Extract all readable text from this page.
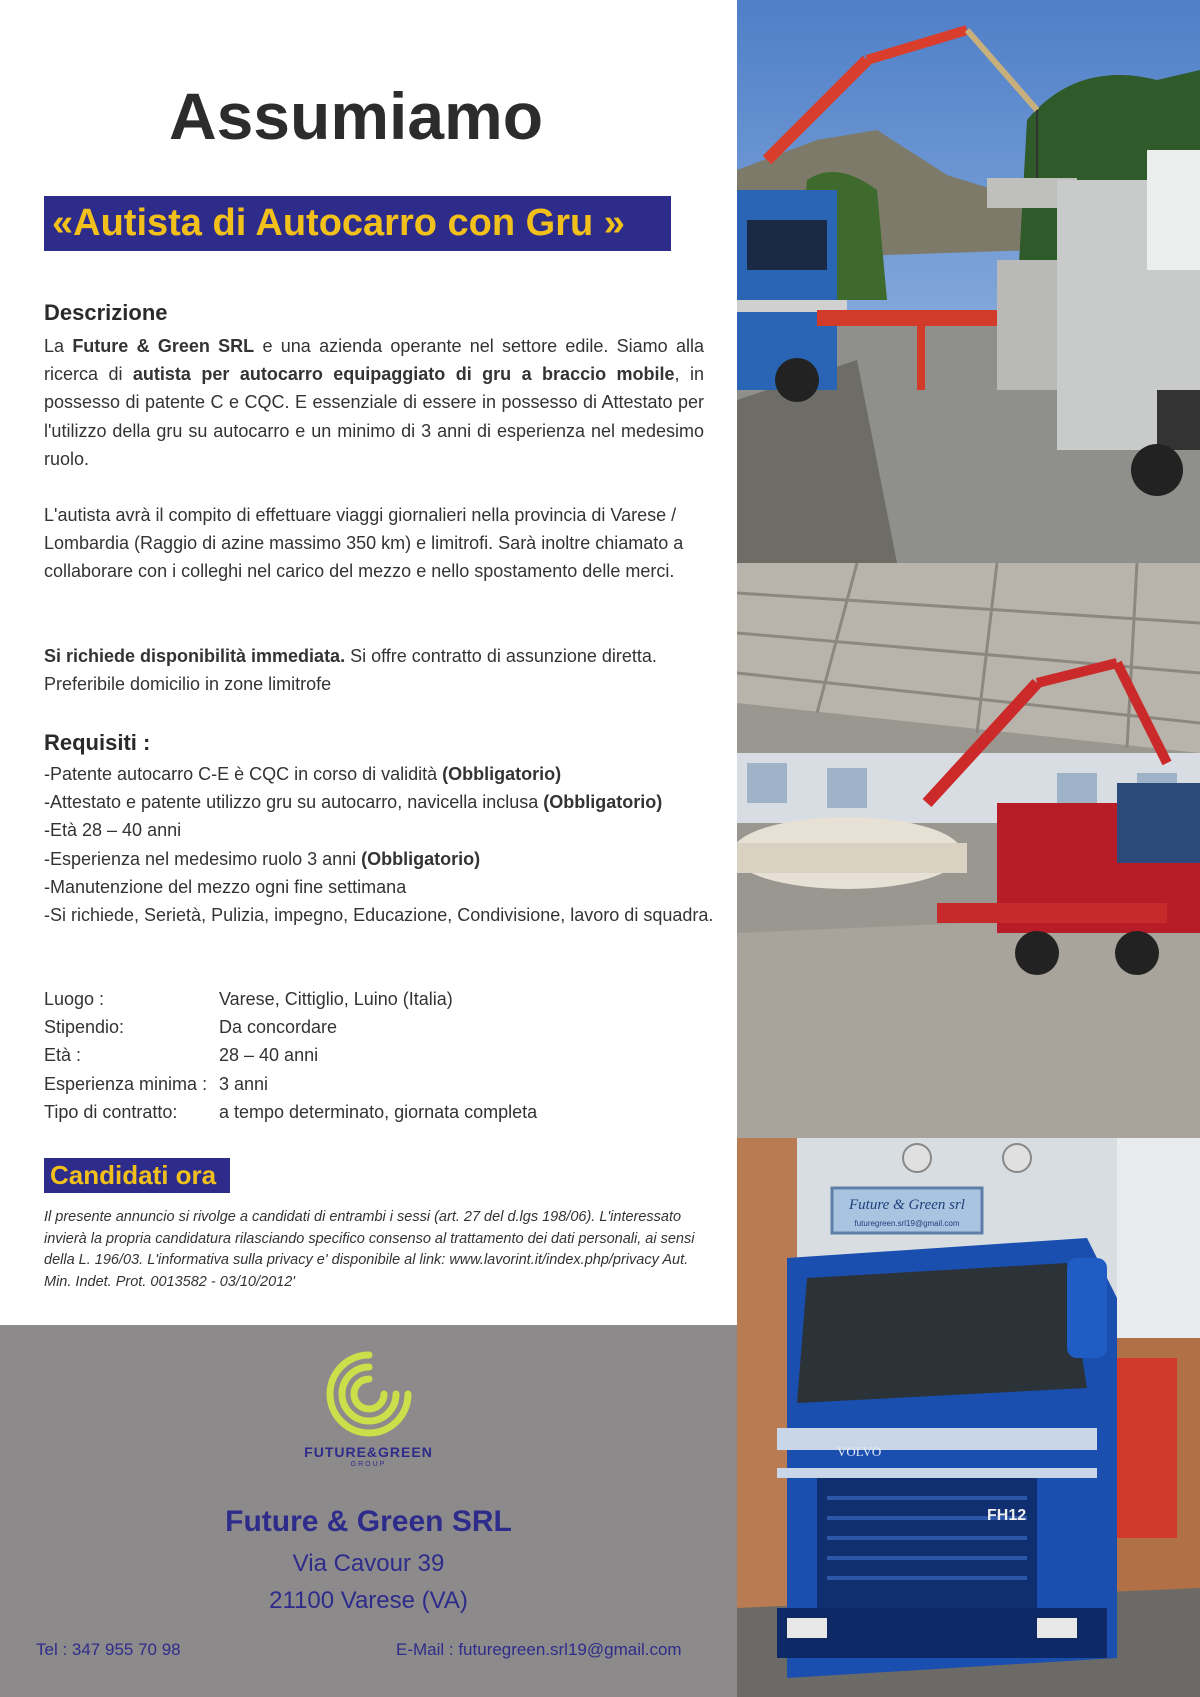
Assumiamo
«Autista di Autocarro con Gru »
Descrizione

La Future & Green SRL e una azienda operante nel settore edile. Siamo alla ricerca di autista per autocarro equipaggiato di gru a braccio mobile, in possesso di patente C e CQC. E essenziale di essere in possesso di Attestato per l'utilizzo della gru su autocarro e un minimo di 3 anni di esperienza nel medesimo ruolo.

L'autista avrà il compito di effettuare viaggi giornalieri nella provincia di Varese / Lombardia (Raggio di azine massimo 350 km) e limitrofi. Sarà inoltre chiamato a collaborare con i colleghi nel carico del mezzo e nello spostamento delle merci.

Si richiede disponibilità immediata. Si offre contratto di assunzione diretta. Preferibile domicilio in zone limitrofe

Requisiti :
-Patente autocarro C-E è CQC in corso di validità (Obbligatorio)
-Attestato e patente utilizzo gru su autocarro, navicella inclusa (Obbligatorio)
-Età 28 – 40 anni
-Esperienza nel medesimo ruolo 3 anni (Obbligatorio)
-Manutenzione del mezzo ogni fine settimana
-Si richiede, Serietà, Pulizia, impegno, Educazione, Condivisione, lavoro di squadra.
Luogo :	Varese, Cittiglio, Luino (Italia)
Stipendio:	Da concordare
Età :	28 – 40 anni
Esperienza minima : 3 anni
Tipo di contratto:	a tempo determinato, giornata completa
Candidati ora

Il presente annuncio si rivolge a candidati di entrambi i sessi (art. 27 del d.lgs 198/06). L'interessato invierà la propria candidatura rilasciando specifico consenso al trattamento dei dati personali, ai sensi della L. 196/03. L'informativa sulla privacy e' disponibile al link: www.lavorint.it/index.php/privacy Aut. Min. Indet. Prot. 0013582 - 03/10/2012'

FUTURE&GREEN
GROUP
Future & Green SRL
Via Cavour 39
21100 Varese (VA)
Tel : 347 955 70 98	E-Mail : futuregreen.srl19@gmail.com
Future & Green srl
futuregreen.srl19@gmail.com
VOLVO
FH12
